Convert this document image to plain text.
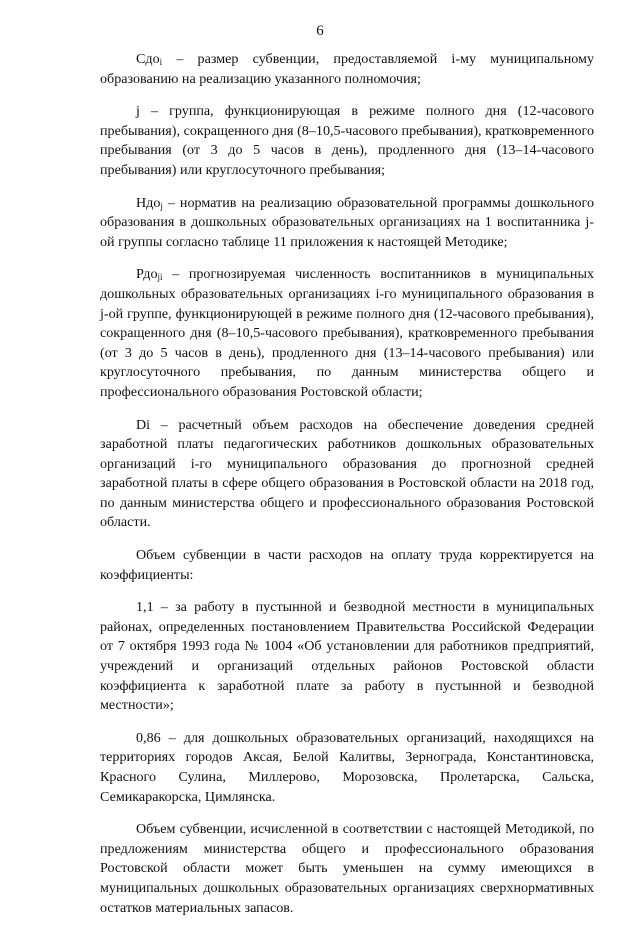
6

Сдо$_i$ – размер субвенции, предоставляемой i-му муниципальному образованию на реализацию указанного полномочия;

j – группа, функционирующая в режиме полного дня (12-часового пребывания), сокращенного дня (8–10,5-часового пребывания), кратковременного пребывания (от 3 до 5 часов в день), продленного дня (13–14-часового пребывания) или круглосуточного пребывания;

Ндо$_j$ – норматив на реализацию образовательной программы дошкольного образования в дошкольных образовательных организациях на 1 воспитанника j-ой группы согласно таблице 11 приложения к настоящей Методике;

Рдо$_{ji}$ – прогнозируемая численность воспитанников в муниципальных дошкольных образовательных организациях i-го муниципального образования в j-ой группе, функционирующей в режиме полного дня (12-часового пребывания), сокращенного дня (8–10,5-часового пребывания), кратковременного пребывания (от 3 до 5 часов в день), продленного дня (13–14-часового пребывания) или круглосуточного пребывания, по данным министерства общего и профессионального образования Ростовской области;

Di – расчетный объем расходов на обеспечение доведения средней заработной платы педагогических работников дошкольных образовательных организаций i-го муниципального образования до прогнозной средней заработной платы в сфере общего образования в Ростовской области на 2018 год, по данным министерства общего и профессионального образования Ростовской области.

Объем субвенции в части расходов на оплату труда корректируется на коэффициенты:

1,1 – за работу в пустынной и безводной местности в муниципальных районах, определенных постановлением Правительства Российской Федерации от 7 октября 1993 года № 1004 «Об установлении для работников предприятий, учреждений и организаций отдельных районов Ростовской области коэффициента к заработной плате за работу в пустынной и безводной местности»;

0,86 – для дошкольных образовательных организаций, находящихся на территориях городов Аксая, Белой Калитвы, Зернограда, Константиновска, Красного Сулина, Миллерово, Морозовска, Пролетарска, Сальска, Семикаракорска, Цимлянска.

Объем субвенции, исчисленной в соответствии с настоящей Методикой, по предложениям министерства общего и профессионального образования Ростовской области может быть уменьшен на сумму имеющихся в муниципальных дошкольных образовательных организациях сверхнормативных остатков материальных запасов.
